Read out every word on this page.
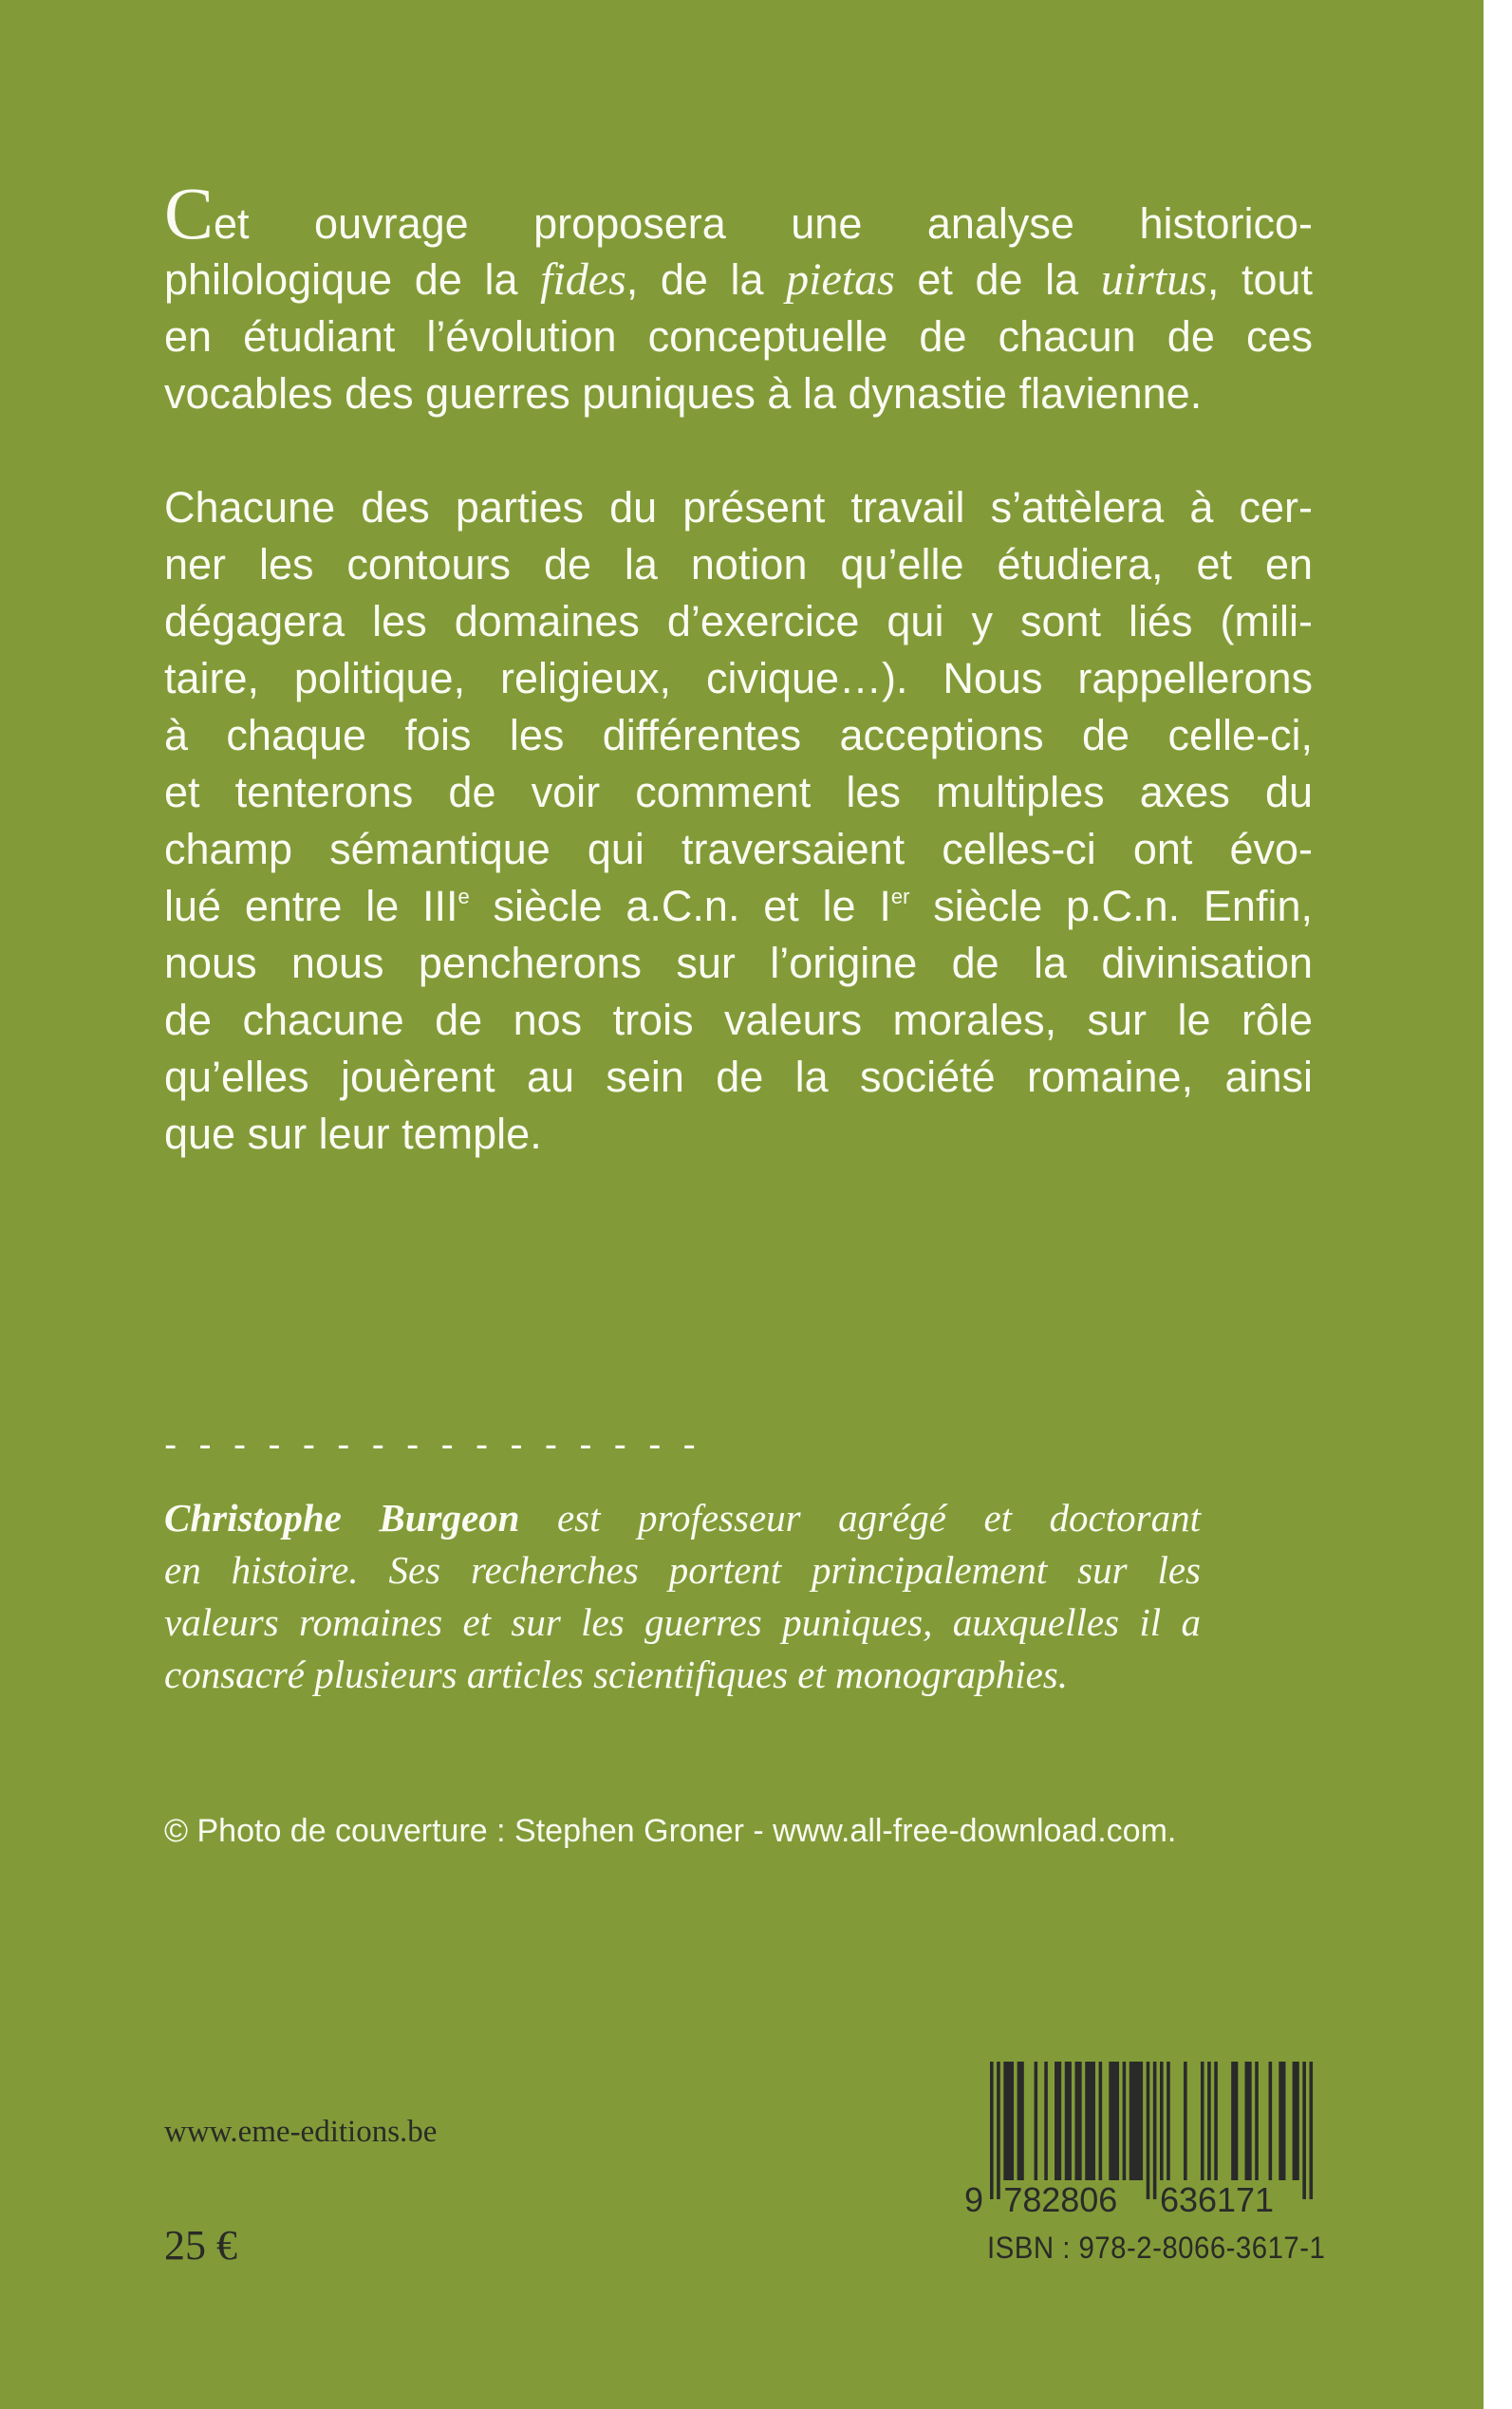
Cet ouvrage proposera une analyse historico-
philologique de la fides, de la pietas et de la uirtus, tout
en étudiant l’évolution conceptuelle de chacun de ces
vocables des guerres puniques à la dynastie flavienne.
Chacune des parties du présent travail s’attèlera à cer-
ner les contours de la notion qu’elle étudiera, et en
dégagera les domaines d’exercice qui y sont liés (mili-
taire, politique, religieux, civique…). Nous rappellerons
à chaque fois les différentes acceptions de celle-ci,
et tenterons de voir comment les multiples axes du
champ sémantique qui traversaient celles-ci ont évo-
lué entre le IIIe siècle a.C.n. et le Ier siècle p.C.n. Enfin,
nous nous pencherons sur l’origine de la divinisation
de chacune de nos trois valeurs morales, sur le rôle
qu’elles jouèrent au sein de la société romaine, ainsi
que sur leur temple.
- - - - - - - - - - - - - - - -
Christophe Burgeon est professeur agrégé et doctorant
en histoire. Ses recherches portent principalement sur les
valeurs romaines et sur les guerres puniques, auxquelles il a
consacré plusieurs articles scientifiques et monographies.
© Photo de couverture : Stephen Groner - www.all-free-download.com.
www.eme-editions.be
25 €
9 782806 636171
ISBN : 978-2-8066-3617-1
